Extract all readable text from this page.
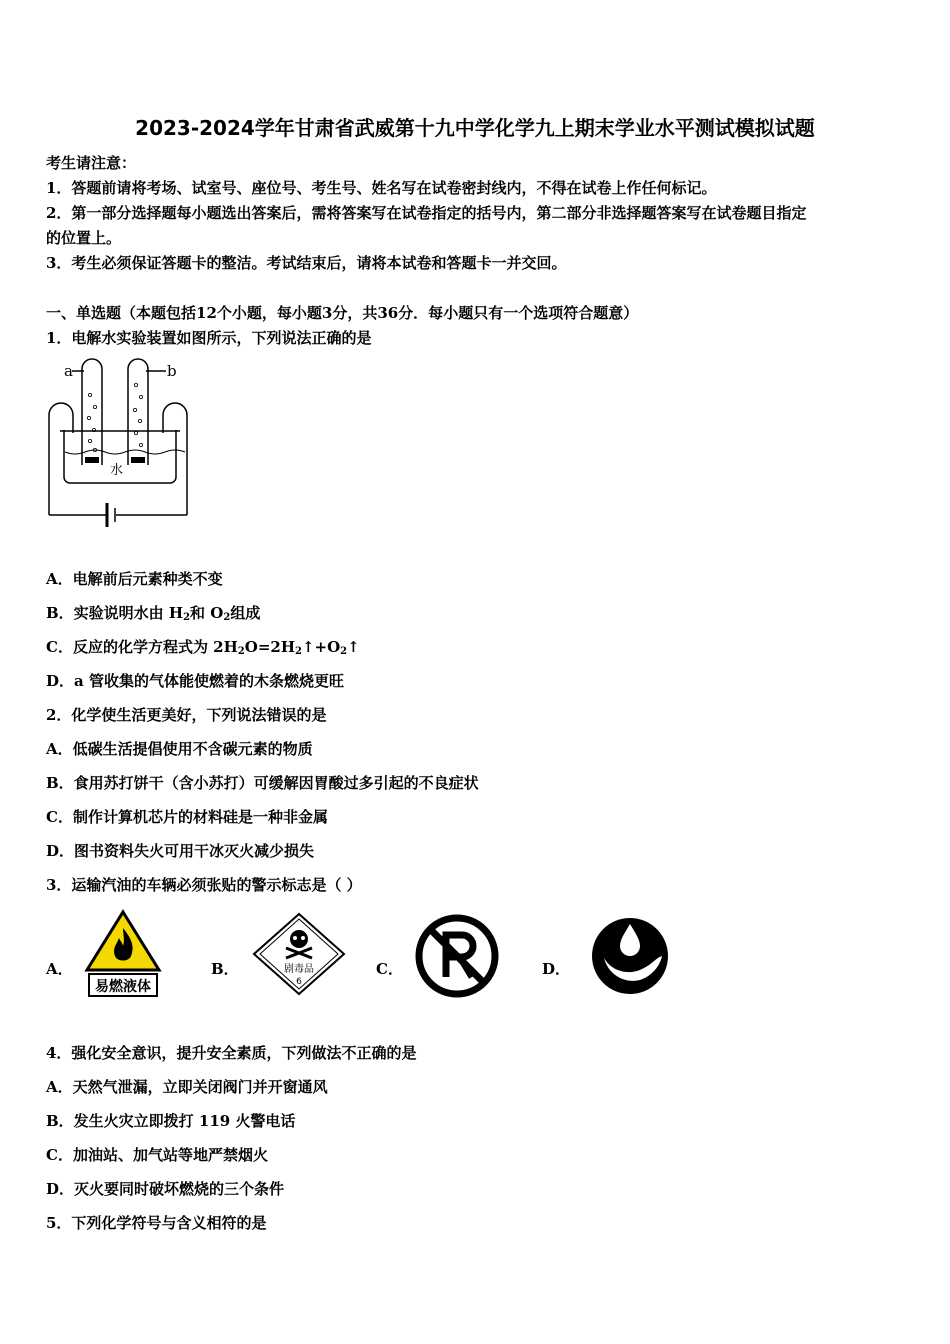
2023-2024学年甘肃省武威第十九中学化学九上期末学业水平测试模拟试题
考生请注意：
1．答题前请将考场、试室号、座位号、考生号、姓名写在试卷密封线内，不得在试卷上作任何标记。
2．第一部分选择题每小题选出答案后，需将答案写在试卷指定的括号内，第二部分非选择题答案写在试卷题目指定
的位置上。
3．考生必须保证答题卡的整洁。考试结束后，请将本试卷和答题卡一并交回。
一、单选题（本题包括12个小题，每小题3分，共36分．每小题只有一个选项符合题意）
1．电解水实验装置如图所示，下列说法正确的是
a	b
水
A．电解前后元素种类不变
B．实验说明水由 $H_2$和 $O_2$组成
C．反应的化学方程式为 $2H_2O=2H_2↑+O_2↑$
D．a 管收集的气体能使燃着的木条燃烧更旺
2．化学使生活更美好，下列说法错误的是
A．低碳生活提倡使用不含碳元素的物质
B．食用苏打饼干（含小苏打）可缓解因胃酸过多引起的不良症状
C．制作计算机芯片的材料硅是一种非金属
D．图书资料失火可用干冰灭火减少损失
3．运输汽油的车辆必须张贴的警示标志是（ ）
A．
易燃液体
B．	剧毒品
6
C．	D．
4．强化安全意识，提升安全素质，下列做法不正确的是
A．天然气泄漏，立即关闭阀门并开窗通风
B．发生火灾立即拨打 119 火警电话
C．加油站、加气站等地严禁烟火
D．灭火要同时破坏燃烧的三个条件
5．下列化学符号与含义相符的是
